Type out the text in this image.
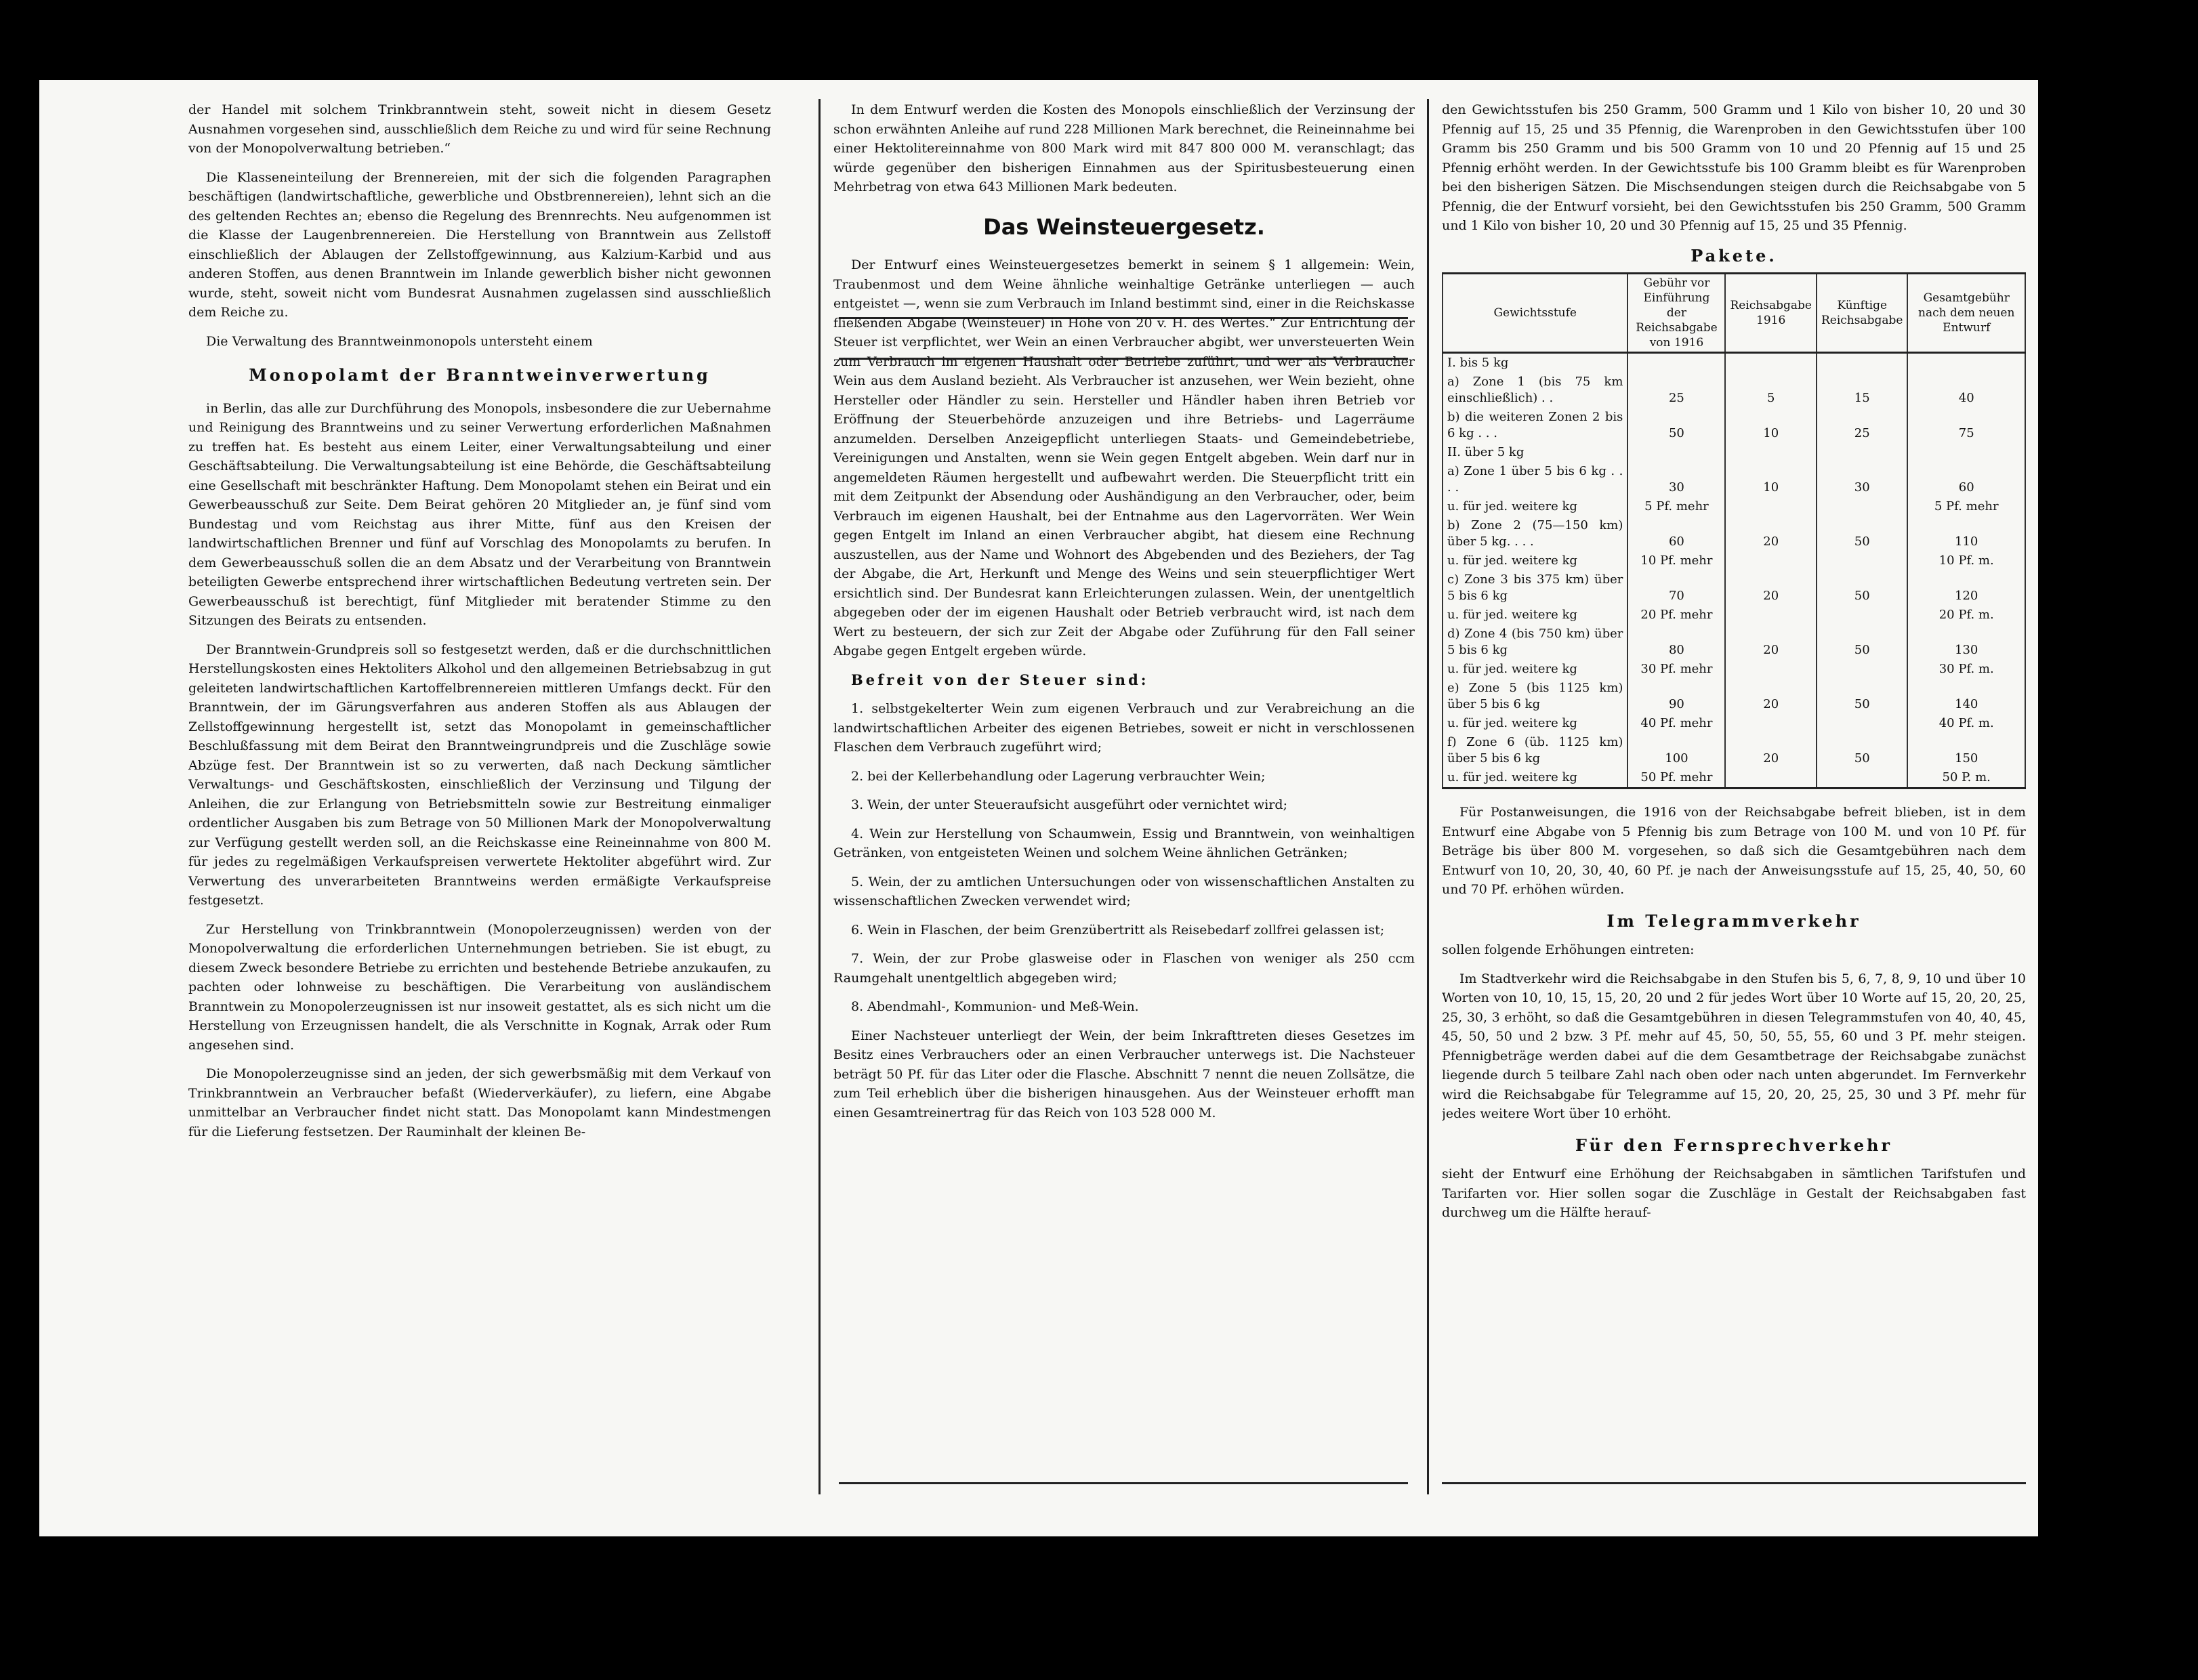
der Handel mit solchem Trinkbranntwein steht, soweit nicht in diesem Gesetz Ausnahmen vorgesehen sind, ausschließlich dem Reiche zu und wird für seine Rechnung von der Monopolverwaltung betrieben.“

Die Klasseneinteilung der Brennereien, mit der sich die folgenden Paragraphen beschäftigen (landwirtschaftliche, gewerbliche und Obstbrennereien), lehnt sich an die des geltenden Rechtes an; ebenso die Regelung des Brennrechts. Neu aufgenommen ist die Klasse der Laugenbrennereien. Die Herstellung von Branntwein aus Zellstoff einschließlich der Ablaugen der Zellstoffgewinnung, aus Kalzium-Karbid und aus anderen Stoffen, aus denen Branntwein im Inlande gewerblich bisher nicht gewonnen wurde, steht, soweit nicht vom Bundesrat Ausnahmen zugelassen sind ausschließlich dem Reiche zu.

Die Verwaltung des Branntweinmonopols untersteht einem

Monopolamt der Branntweinverwertung

in Berlin, das alle zur Durchführung des Monopols, insbesondere die zur Uebernahme und Reinigung des Branntweins und zu seiner Verwertung erforderlichen Maßnahmen zu treffen hat. Es besteht aus einem Leiter, einer Verwaltungsabteilung und einer Geschäftsabteilung. Die Verwaltungsabteilung ist eine Behörde, die Geschäftsabteilung eine Gesellschaft mit beschränkter Haftung. Dem Monopolamt stehen ein Beirat und ein Gewerbeausschuß zur Seite. Dem Beirat gehören 20 Mitglieder an, je fünf sind vom Bundestag und vom Reichstag aus ihrer Mitte, fünf aus den Kreisen der landwirtschaftlichen Brenner und fünf auf Vorschlag des Monopolamts zu berufen. In dem Gewerbeausschuß sollen die an dem Absatz und der Verarbeitung von Branntwein beteiligten Gewerbe entsprechend ihrer wirtschaftlichen Bedeutung vertreten sein. Der Gewerbeausschuß ist berechtigt, fünf Mitglieder mit beratender Stimme zu den Sitzungen des Beirats zu entsenden.

Der Branntwein-Grundpreis soll so festgesetzt werden, daß er die durchschnittlichen Herstellungskosten eines Hektoliters Alkohol und den allgemeinen Betriebsabzug in gut geleiteten landwirtschaftlichen Kartoffelbrennereien mittleren Umfangs deckt. Für den Branntwein, der im Gärungsverfahren aus anderen Stoffen als aus Ablaugen der Zellstoffgewinnung hergestellt ist, setzt das Monopolamt in gemeinschaftlicher Beschlußfassung mit dem Beirat den Branntweingrundpreis und die Zuschläge sowie Abzüge fest. Der Branntwein ist so zu verwerten, daß nach Deckung sämtlicher Verwaltungs- und Geschäftskosten, einschließlich der Verzinsung und Tilgung der Anleihen, die zur Erlangung von Betriebsmitteln sowie zur Bestreitung einmaliger ordentlicher Ausgaben bis zum Betrage von 50 Millionen Mark der Monopolverwaltung zur Verfügung gestellt werden soll, an die Reichskasse eine Reineinnahme von 800 M. für jedes zu regelmäßigen Verkaufspreisen verwertete Hektoliter abgeführt wird. Zur Verwertung des unverarbeiteten Branntweins werden ermäßigte Verkaufspreise festgesetzt.

Zur Herstellung von Trinkbranntwein (Monopolerzeugnissen) werden von der Monopolverwaltung die erforderlichen Unternehmungen betrieben. Sie ist ebugt, zu diesem Zweck besondere Betriebe zu errichten und bestehende Betriebe anzukaufen, zu pachten oder lohnweise zu beschäftigen. Die Verarbeitung von ausländischem Branntwein zu Monopolerzeugnissen ist nur insoweit gestattet, als es sich nicht um die Herstellung von Erzeugnissen handelt, die als Verschnitte in Kognak, Arrak oder Rum angesehen sind.

Die Monopolerzeugnisse sind an jeden, der sich gewerbsmäßig mit dem Verkauf von Trinkbranntwein an Verbraucher befaßt (Wiederverkäufer), zu liefern, eine Abgabe unmittelbar an Verbraucher findet nicht statt. Das Monopolamt kann Mindestmengen für die Lieferung festsetzen. Der Rauminhalt der kleinen Be-

In dem Entwurf werden die Kosten des Monopols einschließlich der Verzinsung der schon erwähnten Anleihe auf rund 228 Millionen Mark berechnet, die Reineinnahme bei einer Hektolitereinnahme von 800 Mark wird mit 847 800 000 M. veranschlagt; das würde gegenüber den bisherigen Einnahmen aus der Spiritusbesteuerung einen Mehrbetrag von etwa 643 Millionen Mark bedeuten.

Das Weinsteuergesetz.

Der Entwurf eines Weinsteuergesetzes bemerkt in seinem § 1 allgemein: Wein, Traubenmost und dem Weine ähnliche weinhaltige Getränke unterliegen — auch entgeistet —, wenn sie zum Verbrauch im Inland bestimmt sind, einer in die Reichskasse fließenden Abgabe (Weinsteuer) in Höhe von 20 v. H. des Wertes.“ Zur Entrichtung der Steuer ist verpflichtet, wer Wein an einen Verbraucher abgibt, wer unversteuerten Wein zum Verbrauch im eigenen Haushalt oder Betriebe zuführt, und wer als Verbraucher Wein aus dem Ausland bezieht. Als Verbraucher ist anzusehen, wer Wein bezieht, ohne Hersteller oder Händler zu sein. Hersteller und Händler haben ihren Betrieb vor Eröffnung der Steuerbehörde anzuzeigen und ihre Betriebs- und Lagerräume anzumelden. Derselben Anzeigepflicht unterliegen Staats- und Gemeindebetriebe, Vereinigungen und Anstalten, wenn sie Wein gegen Entgelt abgeben. Wein darf nur in angemeldeten Räumen hergestellt und aufbewahrt werden. Die Steuerpflicht tritt ein mit dem Zeitpunkt der Absendung oder Aushändigung an den Verbraucher, oder, beim Verbrauch im eigenen Haushalt, bei der Entnahme aus den Lagervorräten. Wer Wein gegen Entgelt im Inland an einen Verbraucher abgibt, hat diesem eine Rechnung auszustellen, aus der Name und Wohnort des Abgebenden und des Beziehers, der Tag der Abgabe, die Art, Herkunft und Menge des Weins und sein steuerpflichtiger Wert ersichtlich sind. Der Bundesrat kann Erleichterungen zulassen. Wein, der unentgeltlich abgegeben oder der im eigenen Haushalt oder Betrieb verbraucht wird, ist nach dem Wert zu besteuern, der sich zur Zeit der Abgabe oder Zuführung für den Fall seiner Abgabe gegen Entgelt ergeben würde.

Befreit von der Steuer sind:

1. selbstgekelterter Wein zum eigenen Verbrauch und zur Verabreichung an die landwirtschaftlichen Arbeiter des eigenen Betriebes, soweit er nicht in verschlossenen Flaschen dem Verbrauch zugeführt wird;

2. bei der Kellerbehandlung oder Lagerung verbrauchter Wein;

3. Wein, der unter Steueraufsicht ausgeführt oder vernichtet wird;

4. Wein zur Herstellung von Schaumwein, Essig und Branntwein, von weinhaltigen Getränken, von entgeisteten Weinen und solchem Weine ähnlichen Getränken;

5. Wein, der zu amtlichen Untersuchungen oder von wissenschaftlichen Anstalten zu wissenschaftlichen Zwecken verwendet wird;

6. Wein in Flaschen, der beim Grenzübertritt als Reisebedarf zollfrei gelassen ist;

7. Wein, der zur Probe glasweise oder in Flaschen von weniger als 250 ccm Raumgehalt unentgeltlich abgegeben wird;

8. Abendmahl-, Kommunion- und Meß-Wein.

Einer Nachsteuer unterliegt der Wein, der beim Inkrafttreten dieses Gesetzes im Besitz eines Verbrauchers oder an einen Verbraucher unterwegs ist. Die Nachsteuer beträgt 50 Pf. für das Liter oder die Flasche. Abschnitt 7 nennt die neuen Zollsätze, die zum Teil erheblich über die bisherigen hinausgehen. Aus der Weinsteuer erhofft man einen Gesamtreinertrag für das Reich von 103 528 000 M.

den Gewichtsstufen bis 250 Gramm, 500 Gramm und 1 Kilo von bisher 10, 20 und 30 Pfennig auf 15, 25 und 35 Pfennig, die Warenproben in den Gewichtsstufen über 100 Gramm bis 250 Gramm und bis 500 Gramm von 10 und 20 Pfennig auf 15 und 25 Pfennig erhöht werden. In der Gewichtsstufe bis 100 Gramm bleibt es für Warenproben bei den bisherigen Sätzen. Die Mischsendungen steigen durch die Reichsabgabe von 5 Pfennig, die der Entwurf vorsieht, bei den Gewichtsstufen bis 250 Gramm, 500 Gramm und 1 Kilo von bisher 10, 20 und 30 Pfennig auf 15, 25 und 35 Pfennig.

Pakete.
Gewichtsstufe	Gebühr vor Einführung der Reichsabgabe von 1916	Reichsabgabe 1916	Künftige Reichsabgabe	Gesamtgebühr nach dem neuen Entwurf
I. bis 5 kg				
a) Zone 1 (bis 75 km einschließlich) . .	25	5	15	40
b) die weiteren Zonen 2 bis 6 kg . . .	50	10	25	75
II. über 5 kg				
a) Zone 1 über 5 bis 6 kg . . . .	30	10	30	60
u. für jed. weitere kg	5 Pf. mehr			5 Pf. mehr
b) Zone 2 (75—150 km) über 5 kg. . . .	60	20	50	110
u. für jed. weitere kg	10 Pf. mehr			10 Pf. m.
c) Zone 3 bis 375 km) über 5 bis 6 kg	70	20	50	120
u. für jed. weitere kg	20 Pf. mehr			20 Pf. m.
d) Zone 4 (bis 750 km) über 5 bis 6 kg	80	20	50	130
u. für jed. weitere kg	30 Pf. mehr			30 Pf. m.
e) Zone 5 (bis 1125 km) über 5 bis 6 kg	90	20	50	140
u. für jed. weitere kg	40 Pf. mehr			40 Pf. m.
f) Zone 6 (üb. 1125 km) über 5 bis 6 kg	100	20	50	150
u. für jed. weitere kg	50 Pf. mehr			50 P. m.

Für Postanweisungen, die 1916 von der Reichsabgabe befreit blieben, ist in dem Entwurf eine Abgabe von 5 Pfennig bis zum Betrage von 100 M. und von 10 Pf. für Beträge bis über 800 M. vorgesehen, so daß sich die Gesamtgebühren nach dem Entwurf von 10, 20, 30, 40, 60 Pf. je nach der Anweisungsstufe auf 15, 25, 40, 50, 60 und 70 Pf. erhöhen würden.

Im Telegrammverkehr

sollen folgende Erhöhungen eintreten:

Im Stadtverkehr wird die Reichsabgabe in den Stufen bis 5, 6, 7, 8, 9, 10 und über 10 Worten von 10, 10, 15, 15, 20, 20 und 2 für jedes Wort über 10 Worte auf 15, 20, 20, 25, 25, 30, 3 erhöht, so daß die Gesamtgebühren in diesen Telegrammstufen von 40, 40, 45, 45, 50, 50 und 2 bzw. 3 Pf. mehr auf 45, 50, 50, 55, 55, 60 und 3 Pf. mehr steigen. Pfennigbeträge werden dabei auf die dem Gesamtbetrage der Reichsabgabe zunächst liegende durch 5 teilbare Zahl nach oben oder nach unten abgerundet. Im Fernverkehr wird die Reichsabgabe für Telegramme auf 15, 20, 20, 25, 25, 30 und 3 Pf. mehr für jedes weitere Wort über 10 erhöht.

Für den Fernsprechverkehr

sieht der Entwurf eine Erhöhung der Reichsabgaben in sämtlichen Tarifstufen und Tarifarten vor. Hier sollen sogar die Zuschläge in Gestalt der Reichsabgaben fast durchweg um die Hälfte herauf-
